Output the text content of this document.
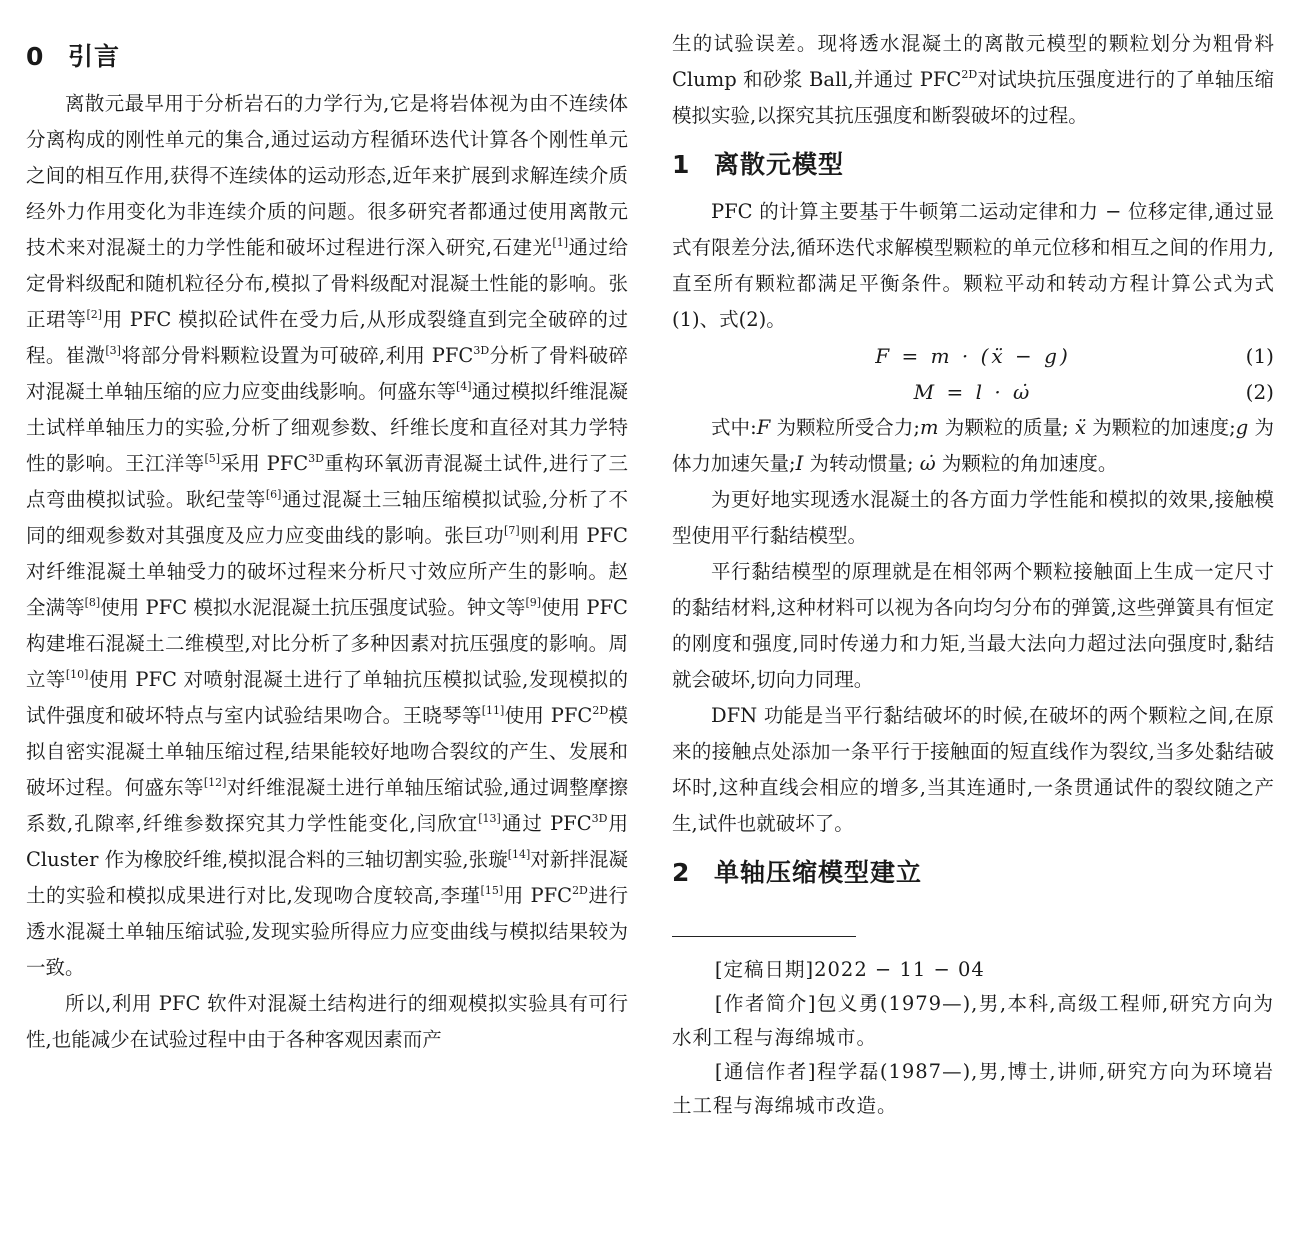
0 引言

离散元最早用于分析岩石的力学行为,它是将岩体视为由不连续体分离构成的刚性单元的集合,通过运动方程循环迭代计算各个刚性单元之间的相互作用,获得不连续体的运动形态,近年来扩展到求解连续介质经外力作用变化为非连续介质的问题。很多研究者都通过使用离散元技术来对混凝土的力学性能和破坏过程进行深入研究,石建光[1]通过给定骨料级配和随机粒径分布,模拟了骨料级配对混凝土性能的影响。张正珺等[2]用 PFC 模拟砼试件在受力后,从形成裂缝直到完全破碎的过程。崔溦[3]将部分骨料颗粒设置为可破碎,利用 $PFC^{3D}$分析了骨料破碎对混凝土单轴压缩的应力应变曲线影响。何盛东等[4]通过模拟纤维混凝土试样单轴压力的实验,分析了细观参数、纤维长度和直径对其力学特性的影响。王江洋等[5]采用 $PFC^{3D}$重构环氧沥青混凝土试件,进行了三点弯曲模拟试验。耿纪莹等[6]通过混凝土三轴压缩模拟试验,分析了不同的细观参数对其强度及应力应变曲线的影响。张巨功[7]则利用 PFC 对纤维混凝土单轴受力的破坏过程来分析尺寸效应所产生的影响。赵全满等[8]使用 PFC 模拟水泥混凝土抗压强度试验。钟文等[9]使用 PFC 构建堆石混凝土二维模型,对比分析了多种因素对抗压强度的影响。周立等[10]使用 PFC 对喷射混凝土进行了单轴抗压模拟试验,发现模拟的试件强度和破坏特点与室内试验结果吻合。王晓琴等[11]使用 $PFC^{2D}$模拟自密实混凝土单轴压缩过程,结果能较好地吻合裂纹的产生、发展和破坏过程。何盛东等[12]对纤维混凝土进行单轴压缩试验,通过调整摩擦系数,孔隙率,纤维参数探究其力学性能变化,闫欣宜[13]通过 $PFC^{3D}$用 Cluster 作为橡胶纤维,模拟混合料的三轴切割实验,张璇[14]对新拌混凝土的实验和模拟成果进行对比,发现吻合度较高,李瑾[15]用 $PFC^{2D}$进行透水混凝土单轴压缩试验,发现实验所得应力应变曲线与模拟结果较为一致。

所以,利用 PFC 软件对混凝土结构进行的细观模拟实验具有可行性,也能减少在试验过程中由于各种客观因素而产

生的试验误差。现将透水混凝土的离散元模型的颗粒划分为粗骨料 Clump 和砂浆 Ball,并通过 $PFC^{2D}$对试块抗压强度进行的了单轴压缩模拟实验,以探究其抗压强度和断裂破坏的过程。

1 离散元模型

PFC 的计算主要基于牛顿第二运动定律和力 − 位移定律,通过显式有限差分法,循环迭代求解模型颗粒的单元位移和相互之间的作用力,直至所有颗粒都满足平衡条件。颗粒平动和转动方程计算公式为式(1)、式(2)。

F = m · (ẍ − g)	(1)
M = l · ω̇	(2)

式中:F 为颗粒所受合力;m 为颗粒的质量; ẍ 为颗粒的加速度;g 为体力加速矢量;I 为转动惯量; ω̇ 为颗粒的角加速度。

为更好地实现透水混凝土的各方面力学性能和模拟的效果,接触模型使用平行黏结模型。

平行黏结模型的原理就是在相邻两个颗粒接触面上生成一定尺寸的黏结材料,这种材料可以视为各向均匀分布的弹簧,这些弹簧具有恒定的刚度和强度,同时传递力和力矩,当最大法向力超过法向强度时,黏结就会破坏,切向力同理。

DFN 功能是当平行黏结破坏的时候,在破坏的两个颗粒之间,在原来的接触点处添加一条平行于接触面的短直线作为裂纹,当多处黏结破坏时,这种直线会相应的增多,当其连通时,一条贯通试件的裂纹随之产生,试件也就破坏了。

2 单轴压缩模型建立

[定稿日期]2022 − 11 − 04

[作者简介]包义勇(1979—),男,本科,高级工程师,研究方向为水利工程与海绵城市。

[通信作者]程学磊(1987—),男,博士,讲师,研究方向为环境岩土工程与海绵城市改造。
